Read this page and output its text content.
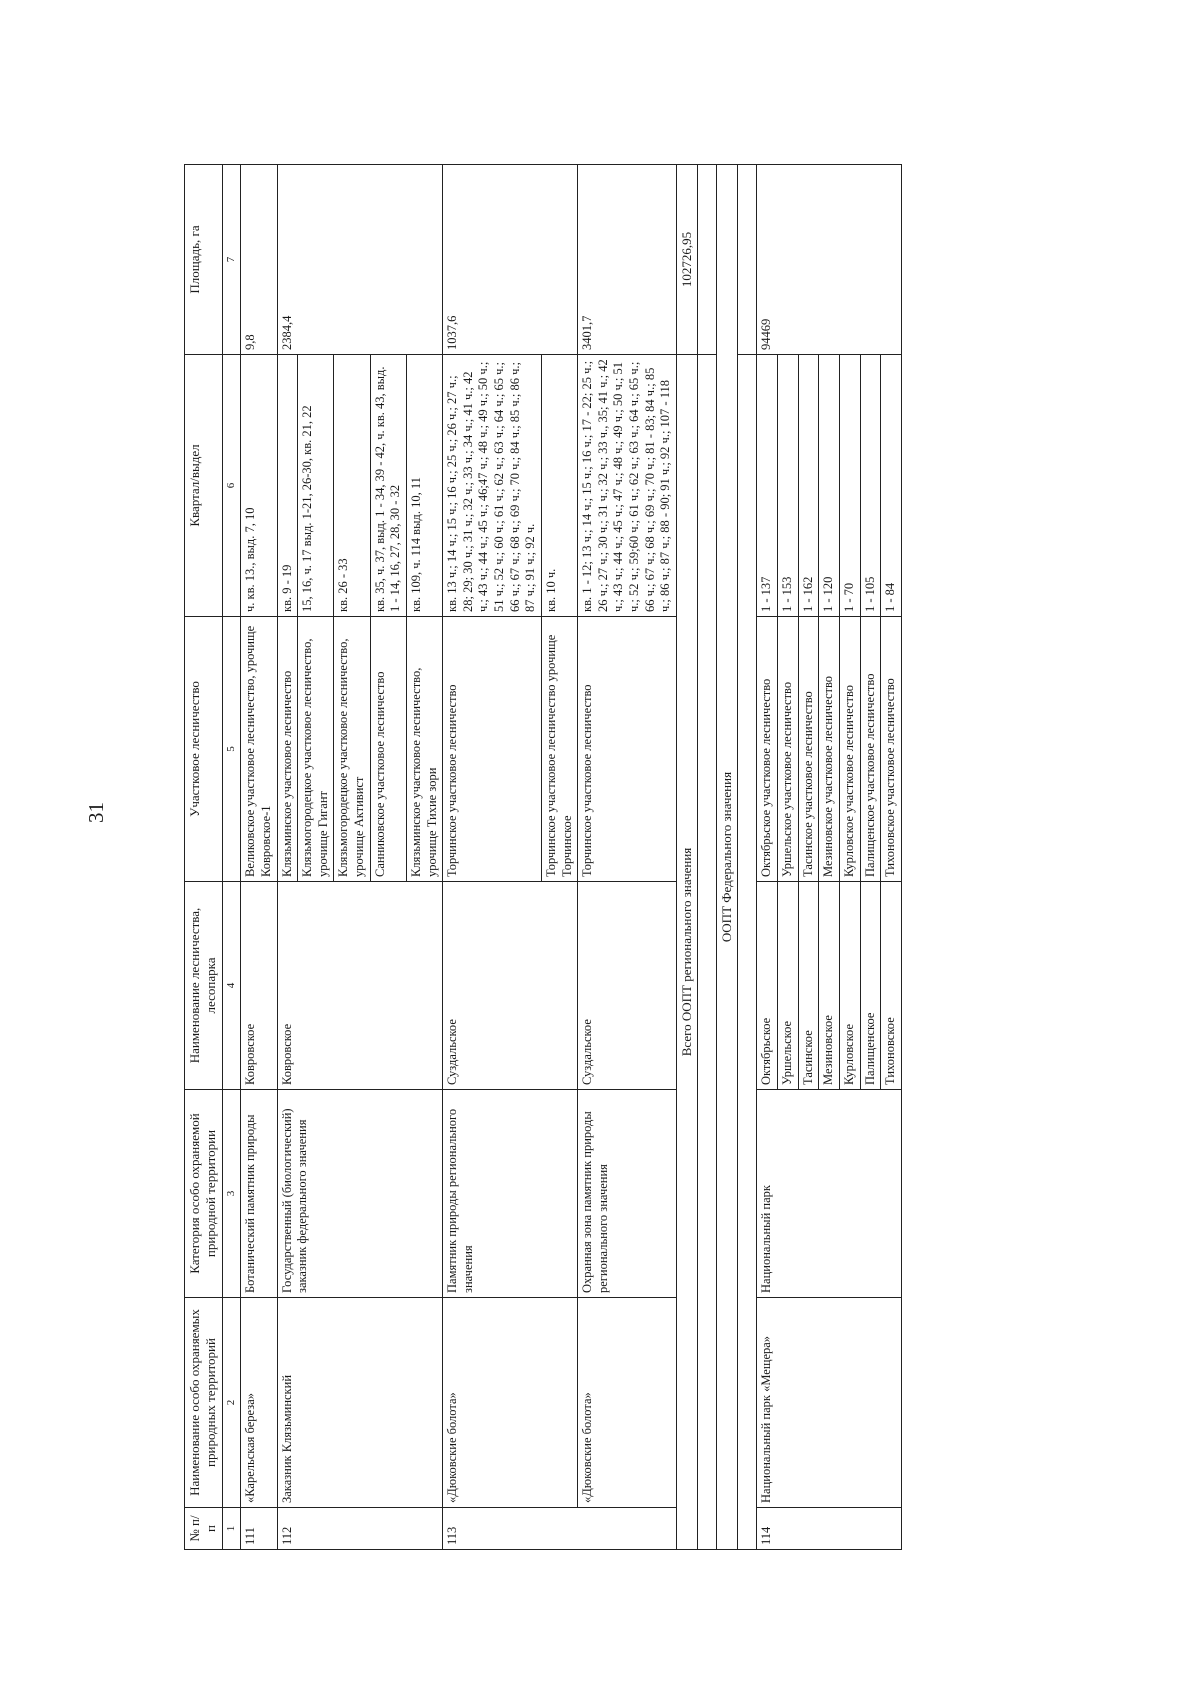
31
№ п/п	Наименование особо охраняемых природных территорий	Категория особо охраняемой природной территории	Наименование лесничества, лесопарка	Участковое лесничество	Квартал/выдел	Площадь, га
1	2	3	4	5	6	7
111	«Карельская береза»	Ботанический памятник природы	Ковровское	Великовское участковое лесничество, урочище Ковровское-1	ч. кв. 13., выд. 7, 10	9,8
112	Заказник Клязьминский	Государственный (биологический) заказник федерального значения	Ковровское	Клязьминское участковое лесничество	кв. 9 - 19	2384,4
				Клязьмогородецкое участковое лесничество, урочище Гигант	15, 16, ч. 17 выд. 1-21, 26-30, кв. 21, 22	
				Клязьмогородецкое участковое лесничество, урочище Активист	кв. 26 - 33	
				Санниковское участковое лесничество	кв. 35, ч. 37, выд. 1 - 34, 39 - 42, ч. кв. 43, выд. 1 - 14, 16, 27, 28, 30 - 32	
				Клязьминское участковое лесничество, урочище Тихие зори	кв. 109, ч. 114 выд. 10, 11	
113	«Дюковские болота»	Памятник природы регионального значения	Суздальское	Торчинское участковое лесничество	кв. 13 ч.; 14 ч.; 15 ч.; 16 ч.; 25 ч.; 26 ч.; 27 ч.; 28; 29; 30 ч.; 31 ч.; 32 ч.; 33 ч.; 34 ч.; 41 ч.; 42 ч.; 43 ч.; 44 ч.; 45 ч.; 46;47 ч.; 48 ч.; 49 ч.; 50 ч.; 51 ч.; 52 ч.; 60 ч.; 61 ч.; 62 ч.; 63 ч.; 64 ч.; 65 ч.; 66 ч.; 67 ч.; 68 ч.; 69 ч.; 70 ч.; 84 ч.; 85 ч.; 86 ч.; 87 ч.; 91 ч.; 92 ч.	1037,6
				Торчинское участковое лесничество урочище Торчинское	кв. 10 ч.	
	«Дюковские болота»	Охранная зона памятник природы регионального значения	Суздальское	Торчинское участковое лесничество	кв. 1 - 12; 13 ч.; 14 ч.; 15 ч.; 16 ч.; 17 - 22; 25 ч.; 26 ч.; 27 ч.; 30 ч.; 31 ч.; 32 ч.; 33 ч., 35; 41 ч.; 42 ч.; 43 ч.; 44 ч.; 45 ч.; 47 ч.; 48 ч.; 49 ч.; 50 ч.; 51 ч.; 52 ч.; 59;60 ч.; 61 ч.; 62 ч.; 63 ч.; 64 ч.; 65 ч.; 66 ч.; 67 ч.; 68 ч.; 69 ч.; 70 ч.; 81 - 83; 84 ч.; 85 ч.; 86 ч.; 87 ч.; 88 - 90; 91 ч.; 92 ч.; 107 - 118	3401,7
Всего ООПТ регионального значения						102726,95

ООПТ Федерального значения						

114	Национальный парк «Мещера»	Национальный парк	Октябрьское	Октябрьское участковое лесничество	1 - 137	94469
			Уршельское	Уршельское участковое лесничество	1 - 153	
			Тасинское	Тасинское участковое лесничество	1 - 162	
			Мезиновское	Мезиновское участковое лесничество	1 - 120	
			Курловское	Курловское участковое лесничество	1 - 70	
			Палищенское	Палищенское участковое лесничество	1 - 105	
			Тихоновское	Тихоновское участковое лесничество	1 - 84	
